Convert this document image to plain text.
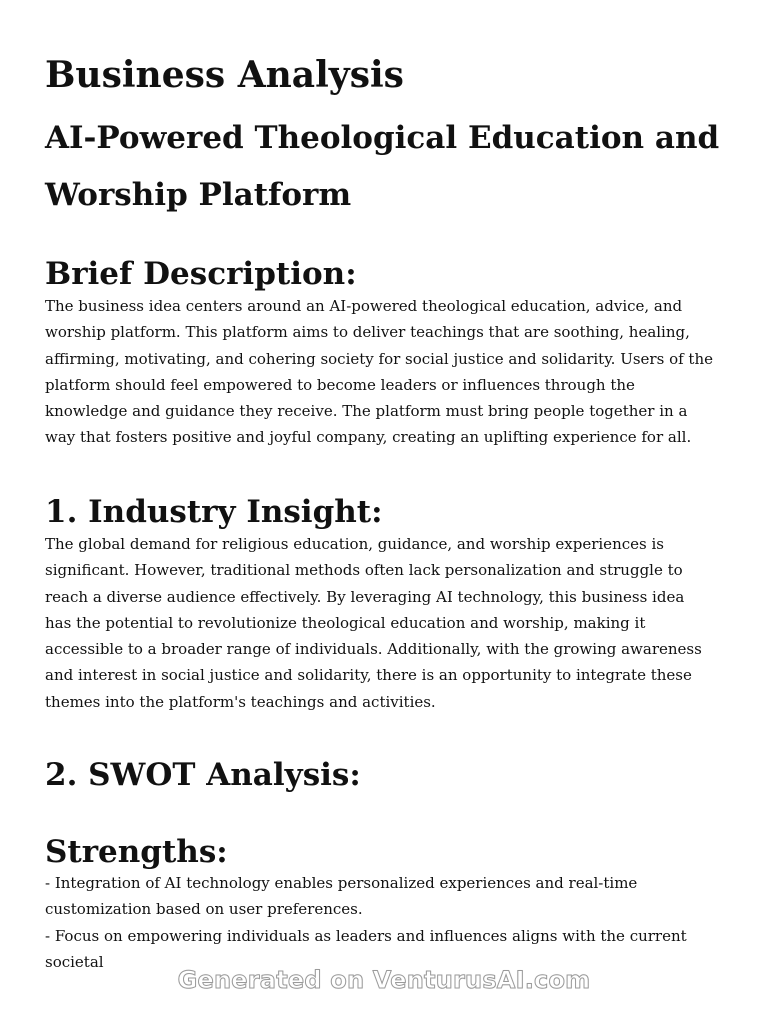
Business Analysis
AI-Powered Theological Education and Worship Platform
Brief Description:

The business idea centers around an AI-powered theological education, advice, and worship platform. This platform aims to deliver teachings that are soothing, healing, affirming, motivating, and cohering society for social justice and solidarity. Users of the platform should feel empowered to become leaders or influences through the knowledge and guidance they receive. The platform must bring people together in a way that fosters positive and joyful company, creating an uplifting experience for all.

1. Industry Insight:

The global demand for religious education, guidance, and worship experiences is significant. However, traditional methods often lack personalization and struggle to reach a diverse audience effectively. By leveraging AI technology, this business idea has the potential to revolutionize theological education and worship, making it accessible to a broader range of individuals. Additionally, with the growing awareness and interest in social justice and solidarity, there is an opportunity to integrate these themes into the platform's teachings and activities.

2. SWOT Analysis:
Strengths:

- Integration of AI technology enables personalized experiences and real-time customization based on user preferences.

- Focus on empowering individuals as leaders and influences aligns with the current societal

Generated on VenturusAI.com
